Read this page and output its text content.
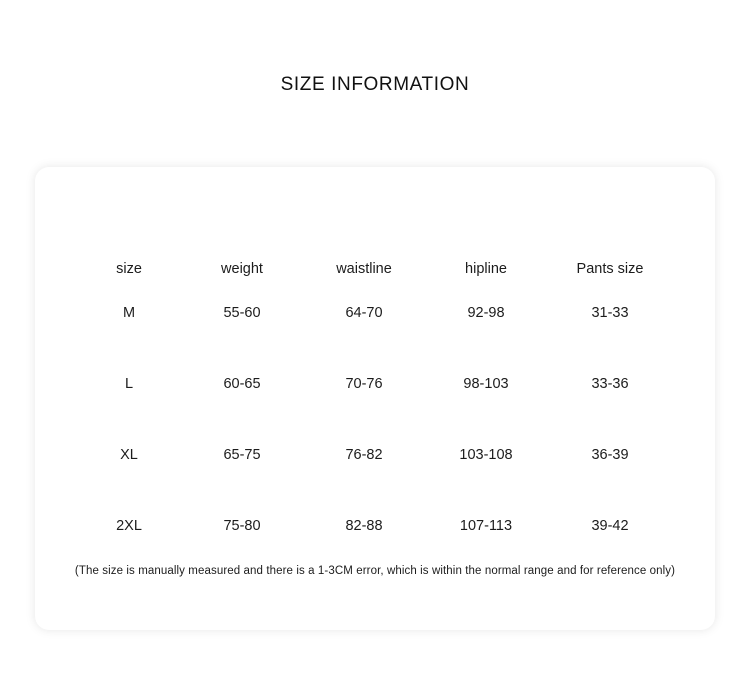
SIZE INFORMATION
size	weight	waistline	hipline	Pants size
M	55-60	64-70	92-98	31-33
L	60-65	70-76	98-103	33-36
XL	65-75	76-82	103-108	36-39
2XL	75-80	82-88	107-113	39-42
(The size is manually measured and there is a 1-3CM error, which is within the normal range and for reference only)
